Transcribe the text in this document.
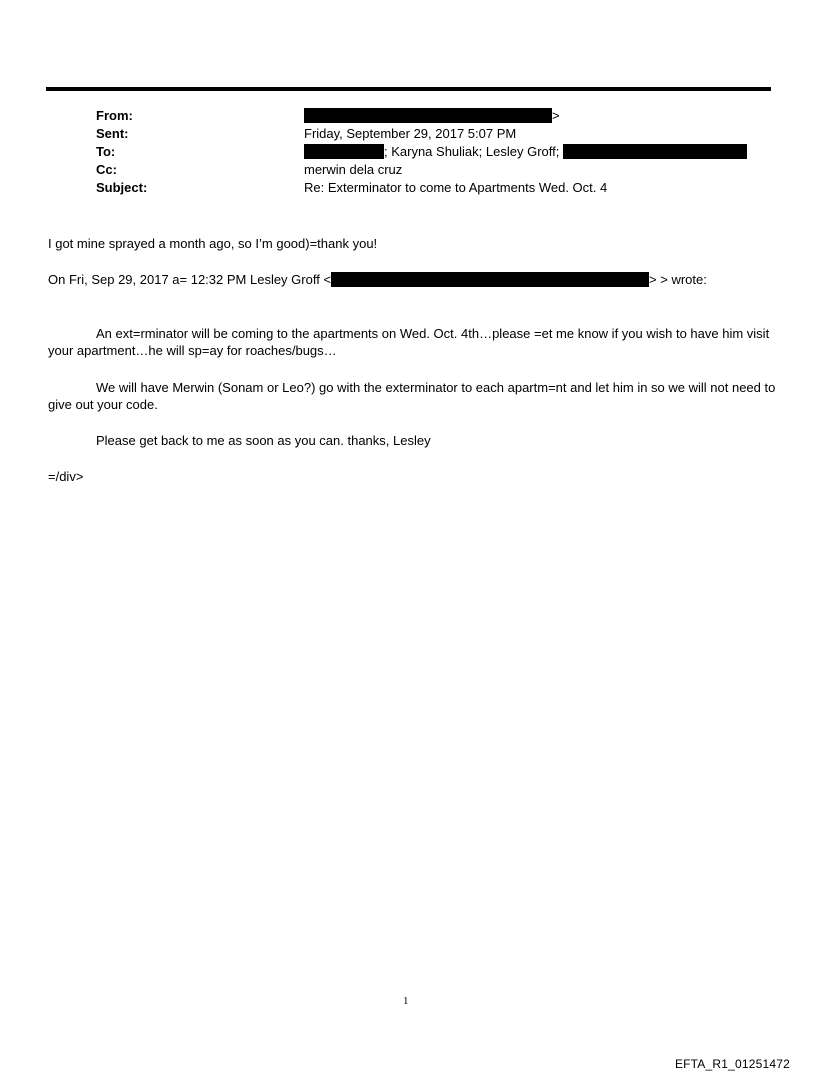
From:	>
Sent:	Friday, September 29, 2017 5:07 PM
To:	; Karyna Shuliak; Lesley Groff;
Cc:	merwin dela cruz
Subject:	Re: Exterminator to come to Apartments Wed. Oct. 4
I got mine sprayed a month ago, so I’m good)=thank you!
On Fri, Sep 29, 2017 a= 12:32 PM Lesley Groff <	> > wrote:
An ext=rminator will be coming to the apartments on Wed. Oct. 4th…please =et me know if you wish to have him visit your apartment…he will sp=ay for roaches/bugs…
We will have Merwin (Sonam or Leo?) go with the exterminator to each apartm=nt and let him in so we will not need to give out your code.
Please get back to me as soon as you can. thanks, Lesley
=/div>
1
EFTA_R1_01251472
